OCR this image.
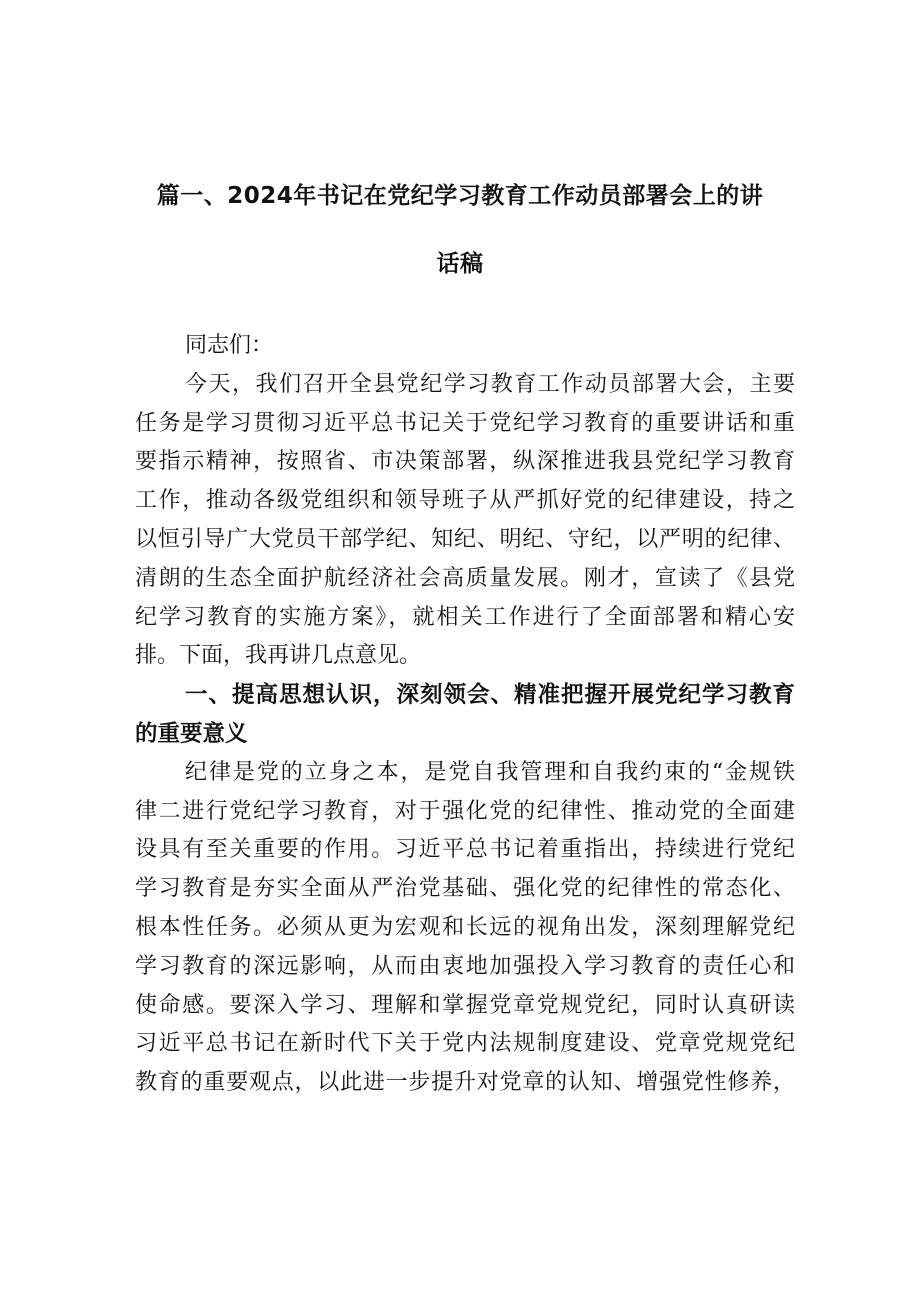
篇一、2024年书记在党纪学习教育工作动员部署会上的讲
话稿
同志们：
今天，我们召开全县党纪学习教育工作动员部署大会，主要
任务是学习贯彻习近平总书记关于党纪学习教育的重要讲话和重
要指示精神，按照省、市决策部署，纵深推进我县党纪学习教育
工作，推动各级党组织和领导班子从严抓好党的纪律建设，持之
以恒引导广大党员干部学纪、知纪、明纪、守纪，以严明的纪律、
清朗的生态全面护航经济社会高质量发展。刚才，宣读了《县党
纪学习教育的实施方案》，就相关工作进行了全面部署和精心安
排。下面，我再讲几点意见。
一、提高思想认识，深刻领会、精准把握开展党纪学习教育
的重要意义
纪律是党的立身之本，是党自我管理和自我约束的“金规铁
律二进行党纪学习教育，对于强化党的纪律性、推动党的全面建
设具有至关重要的作用。习近平总书记着重指出，持续进行党纪
学习教育是夯实全面从严治党基础、强化党的纪律性的常态化、
根本性任务。必须从更为宏观和长远的视角出发，深刻理解党纪
学习教育的深远影响，从而由衷地加强投入学习教育的责任心和
使命感。要深入学习、理解和掌握党章党规党纪，同时认真研读
习近平总书记在新时代下关于党内法规制度建设、党章党规党纪
教育的重要观点，以此进一步提升对党章的认知、增强党性修养，
